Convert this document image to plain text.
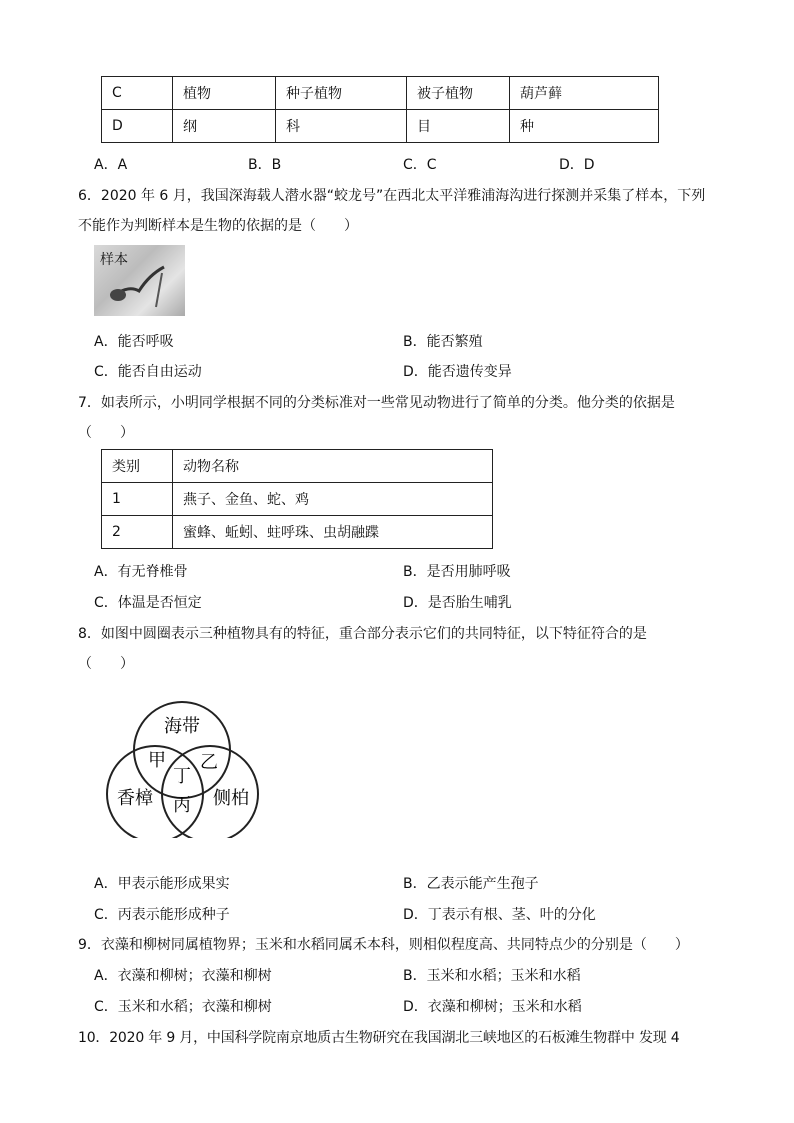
C	植物	种子植物	被子植物	葫芦藓
D	纲	科	目	种
A．A	B．B	C．C	D．D
6．2020 年 6 月，我国深海载人潜水器“蛟龙号”在西北太平洋雅浦海沟进行探测并采集了样本，下列
不能作为判断样本是生物的依据的是（　　）
样本
A．能否呼吸	B．能否繁殖
C．能否自由运动	D．能否遗传变异
7．如表所示，小明同学根据不同的分类标准对一些常见动物进行了简单的分类。他分类的依据是
（　　）
类别	动物名称
1	燕子、金鱼、蛇、鸡
2	蜜蜂、蚯蚓、蛀呼珠、虫胡融蹀
A．有无脊椎骨	B．是否用肺呼吸
C．体温是否恒定	D．是否胎生哺乳
8．如图中圆圈表示三种植物具有的特征，重合部分表示它们的共同特征，以下特征符合的是
（　　）
海带
香樟	侧柏
甲 乙
丁
丙
A．甲表示能形成果实	B．乙表示能产生孢子
C．丙表示能形成种子	D．丁表示有根、茎、叶的分化
9．衣藻和柳树同属植物界；玉米和水稻同属禾本科，则相似程度高、共同特点少的分别是（　　）
A．衣藻和柳树；衣藻和柳树	B．玉米和水稻；玉米和水稻
C．玉米和水稻；衣藻和柳树	D．衣藻和柳树；玉米和水稻
10．2020 年 9 月，中国科学院南京地质古生物研究在我国湖北三峡地区的石板滩生物群中 发现 4
